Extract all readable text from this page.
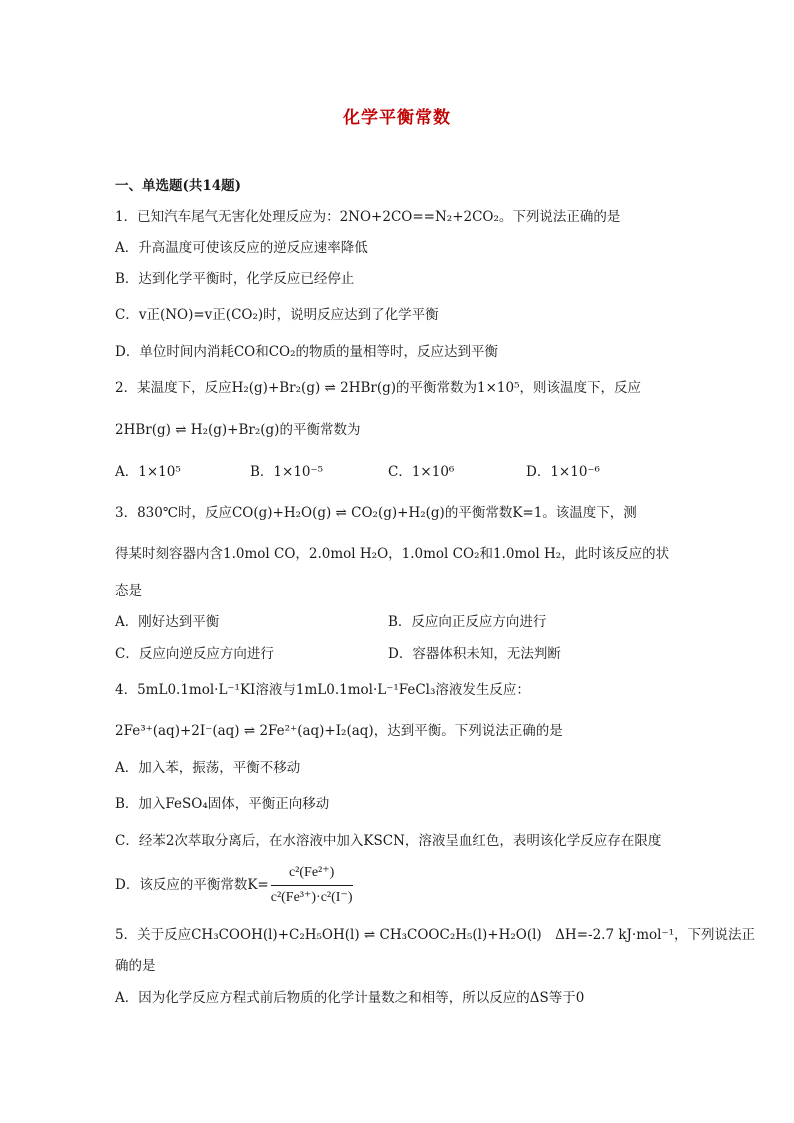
化学平衡常数
一、单选题(共14题)
1．已知汽车尾气无害化处理反应为：2NO+2CO==N₂+2CO₂。下列说法正确的是
A．升高温度可使该反应的逆反应速率降低
B．达到化学平衡时，化学反应已经停止
C．v正(NO)=v正(CO₂)时，说明反应达到了化学平衡
D．单位时间内消耗CO和CO₂的物质的量相等时，反应达到平衡
2．某温度下，反应H₂(g)+Br₂(g) ⇌ 2HBr(g)的平衡常数为1×10⁵，则该温度下，反应
2HBr(g) ⇌ H₂(g)+Br₂(g)的平衡常数为
A．1×10⁵	B．1×10⁻⁵	C．1×10⁶	D．1×10⁻⁶
3．830℃时，反应CO(g)+H₂O(g) ⇌ CO₂(g)+H₂(g)的平衡常数K=1。该温度下，测
得某时刻容器内含1.0mol CO，2.0mol H₂O，1.0mol CO₂和1.0mol H₂，此时该反应的状
态是
A．刚好达到平衡	B．反应向正反应方向进行
C．反应向逆反应方向进行	D．容器体积未知，无法判断
4．5mL0.1mol·L⁻¹KI溶液与1mL0.1mol·L⁻¹FeCl₃溶液发生反应：
2Fe³⁺(aq)+2I⁻(aq) ⇌ 2Fe²⁺(aq)+I₂(aq)，达到平衡。下列说法正确的是
A．加入苯，振荡，平衡不移动
B．加入FeSO₄固体，平衡正向移动
C．经苯2次萃取分离后，在水溶液中加入KSCN，溶液呈血红色，表明该化学反应存在限度
D．该反应的平衡常数$K= \frac{\text{c²(Fe²⁺)}}{\text{c²(Fe³⁺)·c²(I⁻)}}$
5．关于反应CH₃COOH(l)+C₂H₅OH(l) ⇌ CH₃COOC₂H₅(l)+H₂O(l)　ΔH=-2.7 kJ·mol⁻¹，下列说法正
确的是
A．因为化学反应方程式前后物质的化学计量数之和相等，所以反应的ΔS等于0
